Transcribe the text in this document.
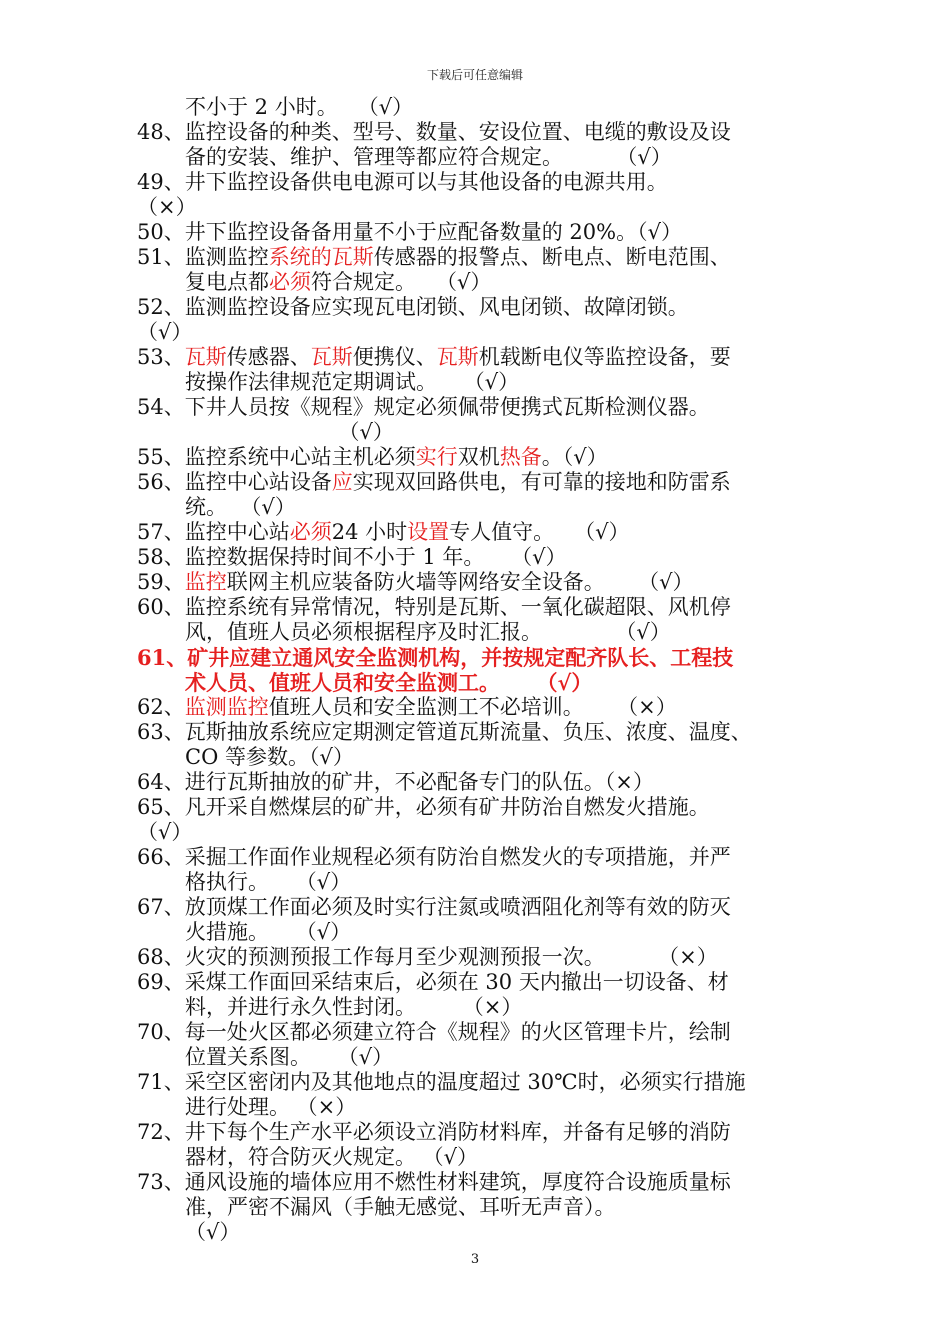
下载后可任意编辑
不小于 2 小时。   （√）
48、监控设备的种类、型号、数量、安设位置、电缆的敷设及设
备的安装、维护、管理等都应符合规定。        （√）
49、井下监控设备供电电源可以与其他设备的电源共用。
（×）
50、井下监控设备备用量不小于应配备数量的 20%。（√）
51、监测监控系统的瓦斯传感器的报警点、断电点、断电范围、
复电点都必须符合规定。   （√）
52、监测监控设备应实现瓦电闭锁、风电闭锁、故障闭锁。
（√）
53、瓦斯传感器、瓦斯便携仪、瓦斯机载断电仪等监控设备，要
按操作法律规范定期调试。    （√）
54、下井人员按《规程》规定必须佩带便携式瓦斯检测仪器。
（√）
55、监控系统中心站主机必须实行双机热备。（√）
56、监控中心站设备应实现双回路供电，有可靠的接地和防雷系
统。  （√）
57、监控中心站必须24 小时设置专人值守。   （√）
58、监控数据保持时间不小于 1 年。    （√）
59、监控联网主机应装备防火墙等网络安全设备。     （√）
60、监控系统有异常情况，特别是瓦斯、一氧化碳超限、风机停
风，值班人员必须根据程序及时汇报。           （√）
61、矿井应建立通风安全监测机构，并按规定配齐队长、工程技
术人员、值班人员和安全监测工。     （√）
62、监测监控值班人员和安全监测工不必培训。     （×）
63、瓦斯抽放系统应定期测定管道瓦斯流量、负压、浓度、温度、
CO 等参数。（√）
64、进行瓦斯抽放的矿井，不必配备专门的队伍。（×）
65、凡开采自燃煤层的矿井，必须有矿井防治自燃发火措施。
（√）
66、采掘工作面作业规程必须有防治自燃发火的专项措施，并严
格执行。    （√）
67、放顶煤工作面必须及时实行注氮或喷洒阻化剂等有效的防灭
火措施。    （√）
68、火灾的预测预报工作每月至少观测预报一次。        （×）
69、采煤工作面回采结束后，必须在 30 天内撤出一切设备、材
料，并进行永久性封闭。       （×）
70、每一处火区都必须建立符合《规程》的火区管理卡片，绘制
位置关系图。    （√）
71、采空区密闭内及其他地点的温度超过 30℃时，必须实行措施
进行处理。 （×）
72、井下每个生产水平必须设立消防材料库，并备有足够的消防
器材，符合防灭火规定。 （√）
73、通风设施的墙体应用不燃性材料建筑，厚度符合设施质量标
准，严密不漏风（手触无感觉、耳听无声音）。
（√）
3
